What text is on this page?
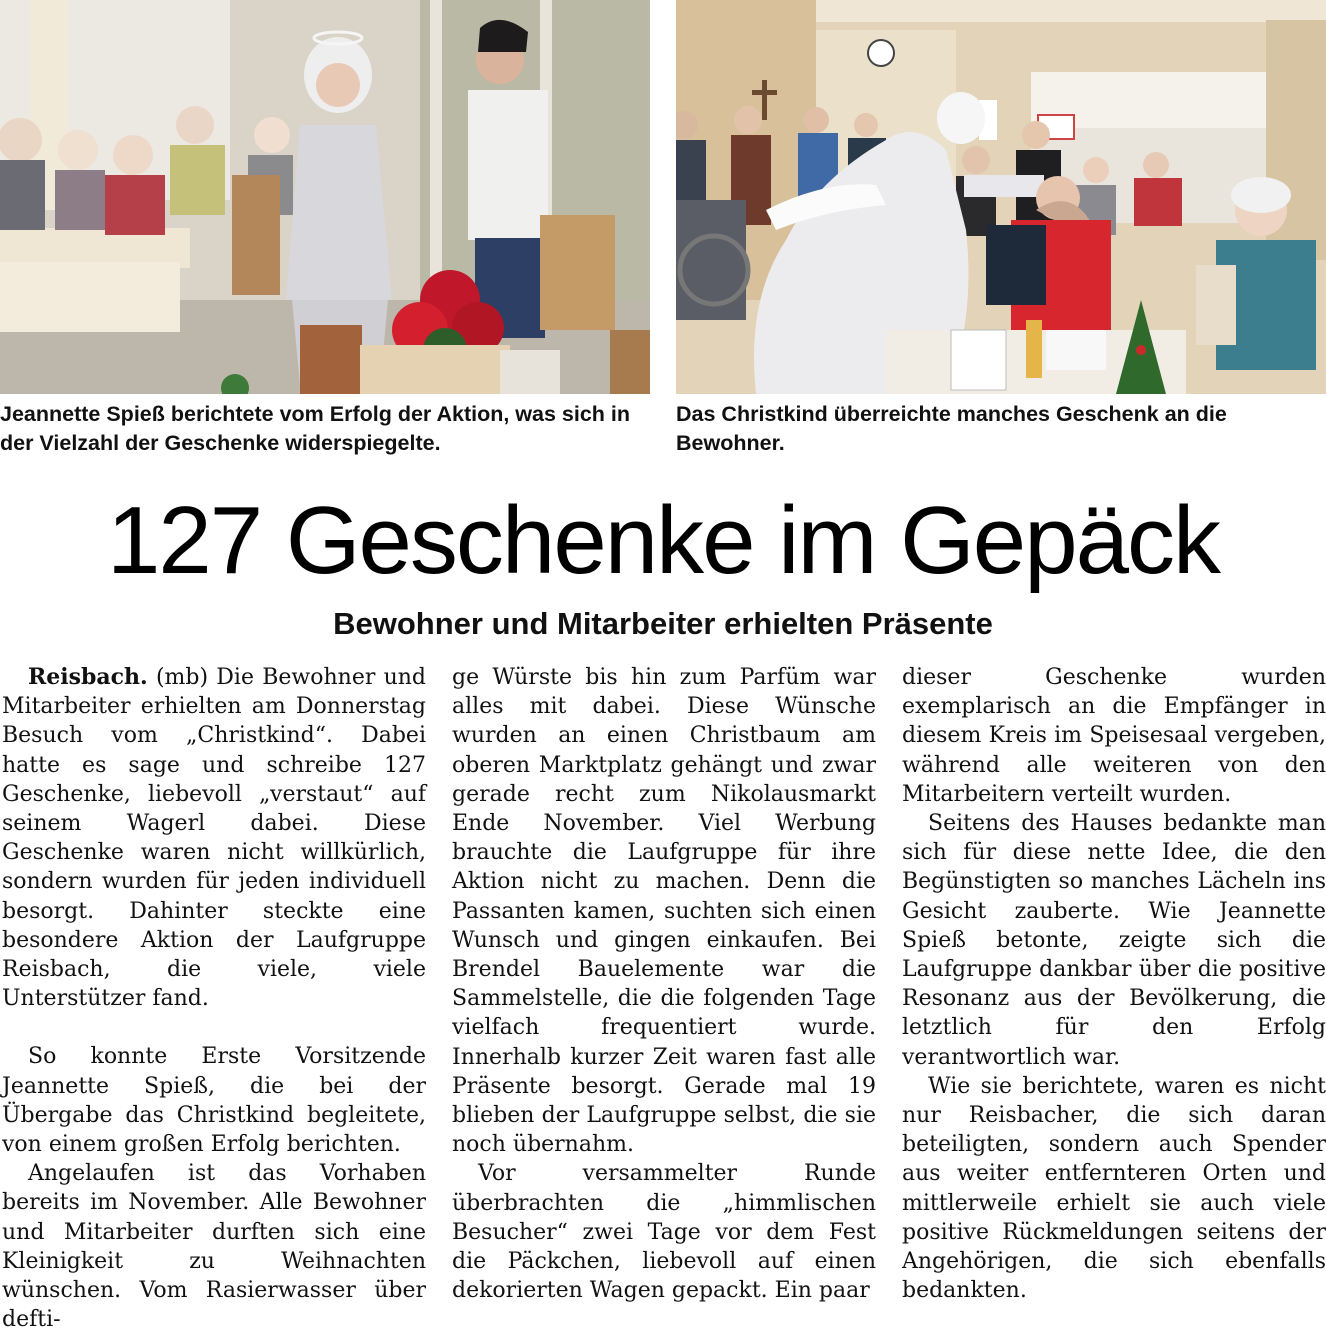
Jeannette Spieß berichtete vom Erfolg der Aktion, was sich in der Vielzahl der Geschenke widerspiegelte.

Das Christkind überreichte manches Geschenk an die Bewohner.

127 Geschenke im Gepäck
Bewohner und Mitarbeiter erhielten Präsente

Reisbach. (mb) Die Bewohner und Mitarbeiter erhielten am Donnerstag Besuch vom „Christkind“. Dabei hatte es sage und schreibe 127 Geschenke, liebevoll „verstaut“ auf seinem Wagerl dabei. Diese Geschenke waren nicht willkürlich, sondern wurden für jeden individuell besorgt. Dahinter steckte eine besondere Aktion der Laufgruppe Reisbach, die viele, viele Unterstützer fand.

So konnte Erste Vorsitzende Jeannette Spieß, die bei der Übergabe das Christkind begleitete, von einem großen Erfolg berichten.

Angelaufen ist das Vorhaben bereits im November. Alle Bewohner und Mitarbeiter durften sich eine Kleinigkeit zu Weihnachten wünschen. Vom Rasierwasser über defti-

ge Würste bis hin zum Parfüm war alles mit dabei. Diese Wünsche wurden an einen Christbaum am oberen Marktplatz gehängt und zwar gerade recht zum Nikolausmarkt Ende November. Viel Werbung brauchte die Laufgruppe für ihre Aktion nicht zu machen. Denn die Passanten kamen, suchten sich einen Wunsch und gingen einkaufen. Bei Brendel Bauelemente war die Sammelstelle, die die folgenden Tage vielfach frequentiert wurde. Innerhalb kurzer Zeit waren fast alle Präsente besorgt. Gerade mal 19 blieben der Laufgruppe selbst, die sie noch übernahm.

Vor versammelter Runde überbrachten die „himmlischen Besucher“ zwei Tage vor dem Fest die Päckchen, liebevoll auf einen dekorierten Wagen gepackt. Ein paar

dieser Geschenke wurden exemplarisch an die Empfänger in diesem Kreis im Speisesaal vergeben, während alle weiteren von den Mitarbeitern verteilt wurden.

Seitens des Hauses bedankte man sich für diese nette Idee, die den Begünstigten so manches Lächeln ins Gesicht zauberte. Wie Jeannette Spieß betonte, zeigte sich die Laufgruppe dankbar über die positive Resonanz aus der Bevölkerung, die letztlich für den Erfolg verantwortlich war.

Wie sie berichtete, waren es nicht nur Reisbacher, die sich daran beteiligten, sondern auch Spender aus weiter entfernteren Orten und mittlerweile erhielt sie auch viele positive Rückmeldungen seitens der Angehörigen, die sich ebenfalls bedankten.
